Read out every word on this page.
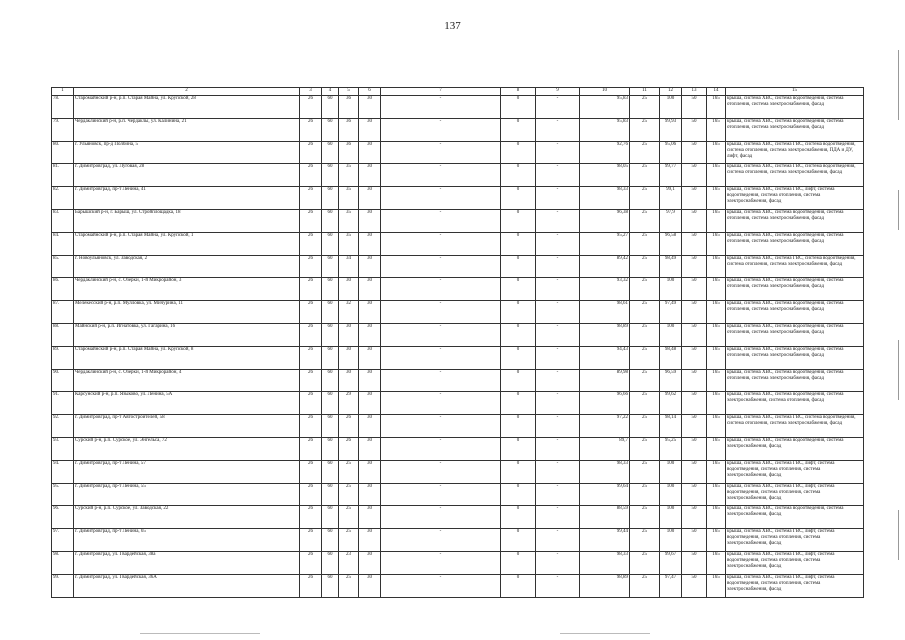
137
1	2	3	4	5	6	7	8	9	10	11	12	13	14	15
78.	Старомайнский р-н, р.п. Старая Майна, ул. Крупской, 28	26	60	36	30	-	0	-	95,83	25	100	50	165	крыша, система ХВС, система водоотведения, система отопления, система электроснабжения, фасад
79.	Чердаклинский р-н, р.п. Чердаклы, ул. Калинина, 21	26	60	36	30	-	0	-	95,83	25	99,93	50	165	крыша, система ХВС, система водоотведения, система отопления, система электроснабжения, фасад
80.	г. Ульяновск, пр-д Полбина, 5	26	60	36	30	-	0	-	92,76	25	95,06	50	165	крыша, система ХВС, система ГВС, система водоотведения, система отопления, система электроснабжения, ПДА и ДУ, лифт, фасад
81.	г. Димитровград, ул. Луговая, 28	26	60	35	30	-	0	-	98,05	25	99,77	50	165	крыша, система ХВС, система ГВС, система водоотведения, система отопления, система электроснабжения, фасад
82.	г. Димитровград, пр-т Ленина, 41	26	60	35	30	-	0	-	98,33	25	99,1	50	165	крыша, система ХВС, система ГВС, лифт, система водоотведения, система отопления, система электроснабжения, фасад
83.	Барышский р-н, г. Барыш, ул. Стройплощадка, 18	26	60	35	30	-	0	-	96,38	25	97,9	50	165	крыша, система ХВС, система водоотведения, система отопления, система электроснабжения, фасад
84.	Старомайнский р-н, р.п. Старая Майна, ул. Крупской, 1	26	60	35	30	-	0	-	95,27	25	96,58	50	165	крыша, система ХВС, система водоотведения, система отопления, система электроснабжения, фасад
85.	г. Новоульяновск, ул. Заводская, 2	26	60	34	30	-	0	-	89,42	25	98,49	50	165	крыша, система ХВС, система ГВС, система водоотведения, система отопления, система электроснабжения, фасад
86.	Чердаклинский р-н, с. Озёрки, 1-й Микрорайон, 3	26	60	30	30	-	0	-	93,32	25	100	50	165	крыша, система ХВС, система водоотведения, система отопления, система электроснабжения, фасад
87.	Мелекесский р-н, р.п. Мулловка, ул. Мичурина, 11	26	60	32	30	-	0	-	98,61	25	97,49	50	165	крыша, система ХВС, система водоотведения, система отопления, система электроснабжения, фасад
88.	Майнский р-н, р.п. Игнатовка, ул. Гагарина, 16	26	60	30	30	-	0	-	98,89	25	100	50	165	крыша, система ХВС, система водоотведения, система отопления, система электроснабжения, фасад
89.	Старомайнский р-н, р.п. Старая Майна, ул. Крупской, 8	26	60	30	30	-	0	-	94,43	25	98,48	50	165	крыша, система ХВС, система водоотведения, система отопления, система электроснабжения, фасад
90.	Чердаклинский р-н, с. Озёрки, 1-й Микрорайон, 4	26	60	30	30	-	0	-	89,98	25	96,59	50	165	крыша, система ХВС, система водоотведения, система отопления, система электроснабжения, фасад
91.	Карсунский р-н, р.п. Языково, ул. Ленина, 5А	26	60	29	30	-	0	-	96,66	25	99,62	50	165	крыша, система ХВС, система водоотведения, система электроснабжения, система отопления, фасад
92.	г. Димитровград, пр-т Автостроителей, 58	26	60	26	30	-	0	-	97,22	25	98,14	50	165	крыша, система ХВС, система ГВС, система водоотведения, система отопления, система электроснабжения, фасад
93.	Сурский р-н, р.п. Сурское, ул. Энгельса, 72	26	60	26	30	-	0	-	89,7	25	95,25	50	165	крыша, система ХВС, система водоотведения, система электроснабжения, фасад
94.	г. Димитровград, пр-т Ленина, 57	26	60	25	30	-	0	-	98,33	25	100	50	165	крыша, система ХВС, система ГВС, лифт, система водоотведения, система отопления, система электроснабжения, фасад
95.	г. Димитровград, пр-т Ленина, 55	26	60	25	30	-	0	-	99,64	25	100	50	165	крыша, система ХВС, система ГВС, лифт, система водоотведения, система отопления, система электроснабжения, фасад
96.	Сурский р-н, р.п. Сурское, ул. Заводская, 22	26	60	25	30	-	0	-	88,59	25	100	50	165	крыша, система ХВС, система водоотведения, система электроснабжения, фасад
97.	г. Димитровград, пр-т Ленина, 65	26	60	25	30	-	0	-	99,44	25	100	50	165	крыша, система ХВС, система ГВС, лифт, система водоотведения, система отопления, система электроснабжения, фасад
98.	г. Димитровград, ул. Гвардейская, 38а	26	60	23	30	-	0	-	98,33	25	99,67	50	165	крыша, система ХВС, система ГВС, лифт, система водоотведения, система отопления, система электроснабжения, фасад
99.	г. Димитровград, ул. Гвардейская, 36А	26	60	25	30	-	0	-	98,89	25	97,47	50	165	крыша, система ХВС, система ГВС, лифт, система водоотведения, система отопления, система электроснабжения, фасад
